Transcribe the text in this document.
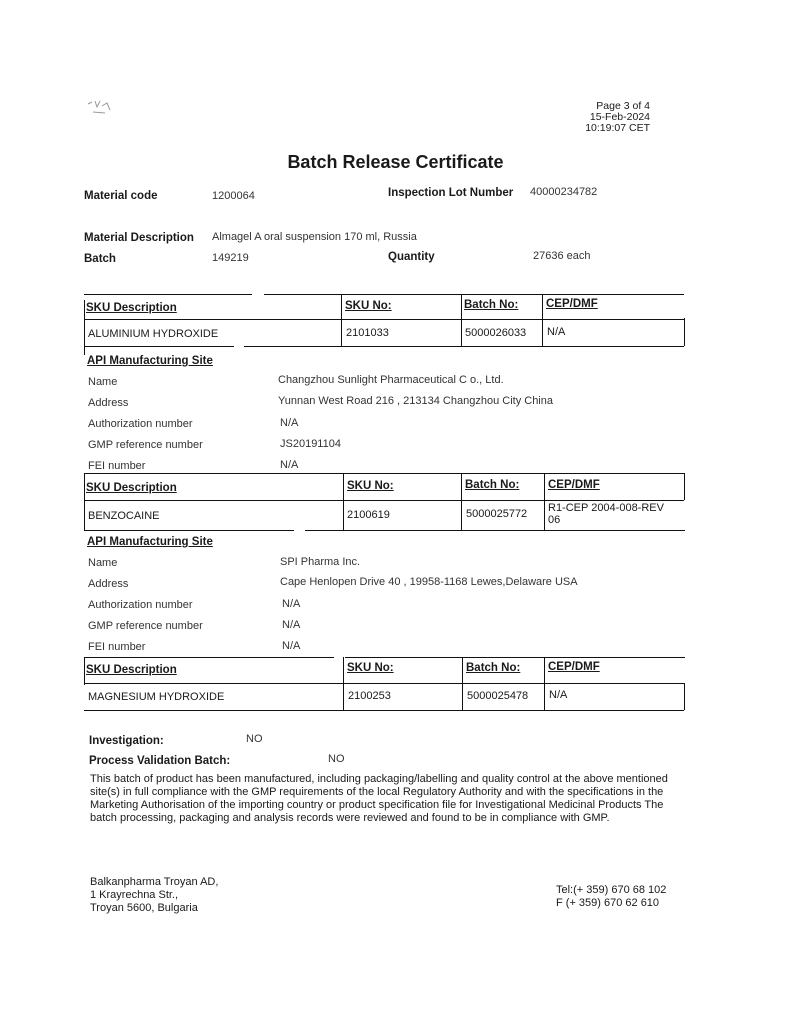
Page 3 of 4
15-Feb-2024
10:19:07 CET
Batch Release Certificate
Material code	1200064	Inspection Lot Number 40000234782
Material Description Almagel A oral suspension 170 ml, Russia
Batch	149219	Quantity	27636 each
SKU Description	SKU No:	Batch No: CEP/DMF
ALUMINIUM HYDROXIDE	2101033	5000026033 N/A
API Manufacturing Site
Name	Changzhou Sunlight Pharmaceutical C o., Ltd.
Address	Yunnan West Road 216 , 213134 Changzhou City China
Authorization number	N/A
GMP reference number	JS20191104
FEI number	N/A
SKU Description	SKU No:	Batch No: CEP/DMF
BENZOCAINE	2100619	5000025772 R1-CEP 2004-008-REV 06
API Manufacturing Site
Name	SPI Pharma Inc.
Address	Cape Henlopen Drive 40 , 19958-1168 Lewes,Delaware USA
Authorization number	N/A
GMP reference number	N/A
FEI number	N/A
SKU Description	SKU No:	Batch No: CEP/DMF
MAGNESIUM HYDROXIDE	2100253	5000025478 N/A
Investigation:	NO
Process Validation Batch:	NO

This batch of product has been manufactured, including packaging/labelling and quality control at the above mentioned site(s) in full compliance with the GMP requirements of the local Regulatory Authority and with the specifications in the Marketing Authorisation of the importing country or product specification file for Investigational Medicinal Products The batch processing, packaging and analysis records were reviewed and found to be in compliance with GMP.

Balkanpharma Troyan AD,
1 Krayrechna Str.,
Troyan 5600, Bulgaria
Tel:(+ 359) 670 68 102
F (+ 359) 670 62 610
